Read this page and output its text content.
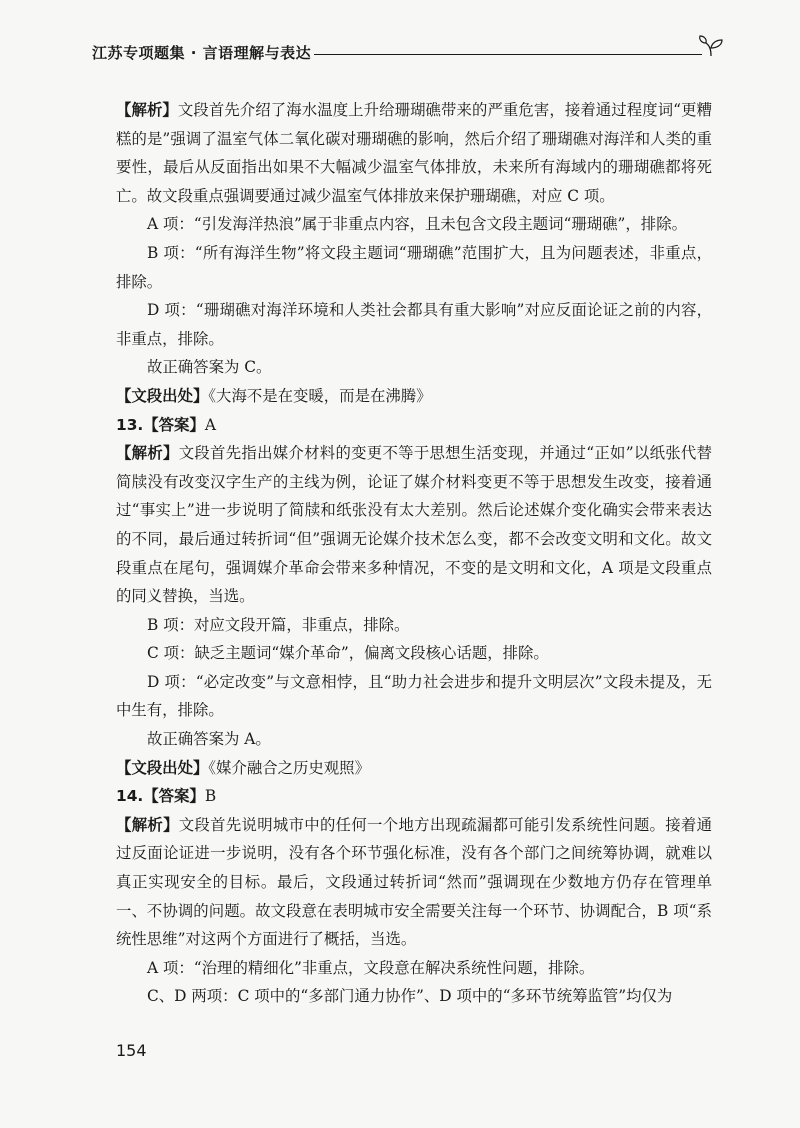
江苏专项题集 · 言语理解与表达

【解析】文段首先介绍了海水温度上升给珊瑚礁带来的严重危害，接着通过程度词“更糟糕的是”强调了温室气体二氧化碳对珊瑚礁的影响，然后介绍了珊瑚礁对海洋和人类的重要性，最后从反面指出如果不大幅减少温室气体排放，未来所有海域内的珊瑚礁都将死亡。故文段重点强调要通过减少温室气体排放来保护珊瑚礁，对应 C 项。

A 项：“引发海洋热浪”属于非重点内容，且未包含文段主题词“珊瑚礁”，排除。

B 项：“所有海洋生物”将文段主题词“珊瑚礁”范围扩大，且为问题表述，非重点，排除。

D 项：“珊瑚礁对海洋环境和人类社会都具有重大影响”对应反面论证之前的内容，非重点，排除。

故正确答案为 C。

【文段出处】《大海不是在变暖，而是在沸腾》

13.【答案】A

【解析】文段首先指出媒介材料的变更不等于思想生活变现，并通过“正如”以纸张代替简牍没有改变汉字生产的主线为例，论证了媒介材料变更不等于思想发生改变，接着通过“事实上”进一步说明了简牍和纸张没有太大差别。然后论述媒介变化确实会带来表达的不同，最后通过转折词“但”强调无论媒介技术怎么变，都不会改变文明和文化。故文段重点在尾句，强调媒介革命会带来多种情况，不变的是文明和文化，A 项是文段重点的同义替换，当选。

B 项：对应文段开篇，非重点，排除。

C 项：缺乏主题词“媒介革命”，偏离文段核心话题，排除。

D 项：“必定改变”与文意相悖，且“助力社会进步和提升文明层次”文段未提及，无中生有，排除。

故正确答案为 A。

【文段出处】《媒介融合之历史观照》

14.【答案】B

【解析】文段首先说明城市中的任何一个地方出现疏漏都可能引发系统性问题。接着通过反面论证进一步说明，没有各个环节强化标准，没有各个部门之间统筹协调，就难以真正实现安全的目标。最后，文段通过转折词“然而”强调现在少数地方仍存在管理单一、不协调的问题。故文段意在表明城市安全需要关注每一个环节、协调配合，B 项“系统性思维”对这两个方面进行了概括，当选。

A 项：“治理的精细化”非重点，文段意在解决系统性问题，排除。

C、D 两项：C 项中的“多部门通力协作”、D 项中的“多环节统筹监管”均仅为

154
